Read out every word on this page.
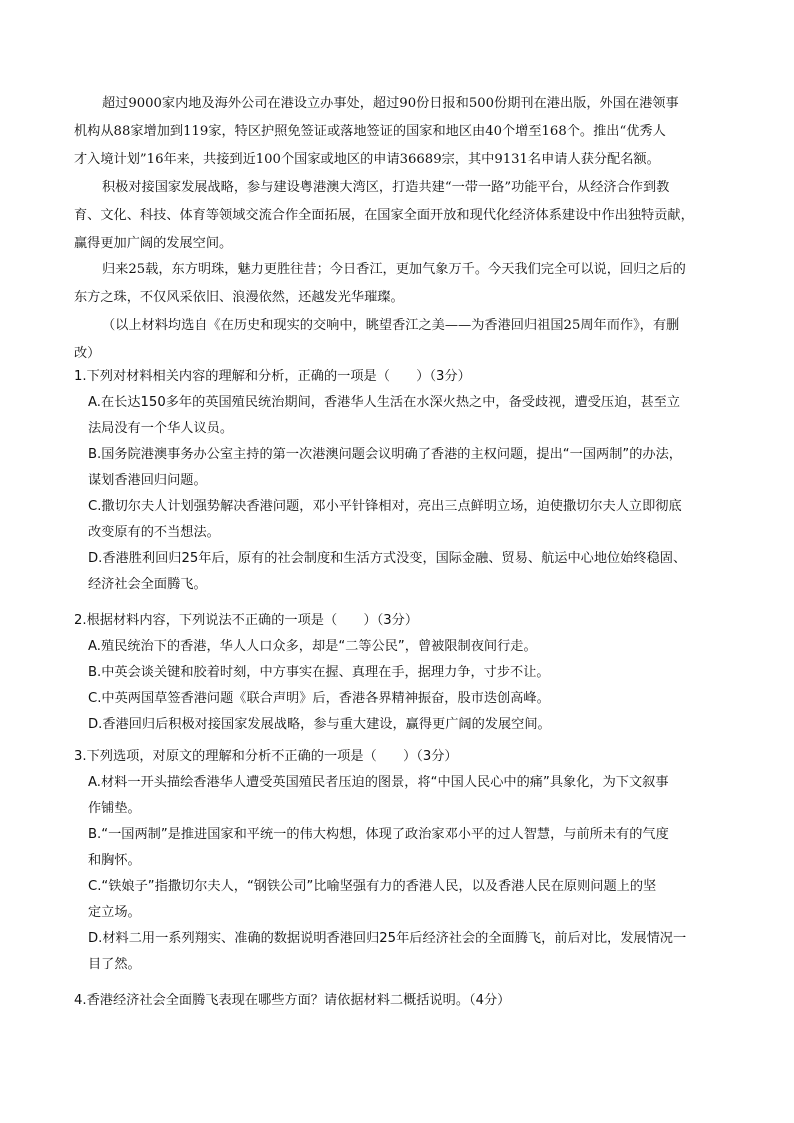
超过9000家内地及海外公司在港设立办事处，超过90份日报和500份期刊在港出版，外国在港领事
机构从88家增加到119家，特区护照免签证或落地签证的国家和地区由40个增至168个。推出“优秀人
才入境计划”16年来，共接到近100个国家或地区的申请36689宗，其中9131名申请人获分配名额。
积极对接国家发展战略，参与建设粤港澳大湾区，打造共建“一带一路”功能平台，从经济合作到教
育、文化、科技、体育等领域交流合作全面拓展，在国家全面开放和现代化经济体系建设中作出独特贡献，
赢得更加广阔的发展空间。
归来25载，东方明珠，魅力更胜往昔；今日香江，更加气象万千。今天我们完全可以说，回归之后的
东方之珠，不仅风采依旧、浪漫依然，还越发光华璀璨。
（以上材料均选自《在历史和现实的交响中，眺望香江之美——为香港回归祖国25周年而作》，有删
改）
1.下列对材料相关内容的理解和分析，正确的一项是（　　）（3分）
A.在长达150多年的英国殖民统治期间，香港华人生活在水深火热之中，备受歧视，遭受压迫，甚至立
法局没有一个华人议员。
B.国务院港澳事务办公室主持的第一次港澳问题会议明确了香港的主权问题，提出“一国两制”的办法，
谋划香港回归问题。
C.撒切尔夫人计划强势解决香港问题，邓小平针锋相对，亮出三点鲜明立场，迫使撒切尔夫人立即彻底
改变原有的不当想法。
D.香港胜利回归25年后，原有的社会制度和生活方式没变，国际金融、贸易、航运中心地位始终稳固、
经济社会全面腾飞。
2.根据材料内容，下列说法不正确的一项是（　　）（3分）
A.殖民统治下的香港，华人人口众多，却是“二等公民”，曾被限制夜间行走。
B.中英会谈关键和胶着时刻，中方事实在握、真理在手，据理力争，寸步不让。
C.中英两国草签香港问题《联合声明》后，香港各界精神振奋，股市迭创高峰。
D.香港回归后积极对接国家发展战略，参与重大建设，赢得更广阔的发展空间。
3.下列选项，对原文的理解和分析不正确的一项是（　　）（3分）
A.材料一开头描绘香港华人遭受英国殖民者压迫的图景，将“中国人民心中的痛”具象化，为下文叙事
作铺垫。
B.“一国两制”是推进国家和平统一的伟大构想，体现了政治家邓小平的过人智慧，与前所未有的气度
和胸怀。
C.“铁娘子”指撒切尔夫人，“钢铁公司”比喻坚强有力的香港人民，以及香港人民在原则问题上的坚
定立场。
D.材料二用一系列翔实、准确的数据说明香港回归25年后经济社会的全面腾飞，前后对比，发展情况一
目了然。
4.香港经济社会全面腾飞表现在哪些方面？请依据材料二概括说明。（4分）
